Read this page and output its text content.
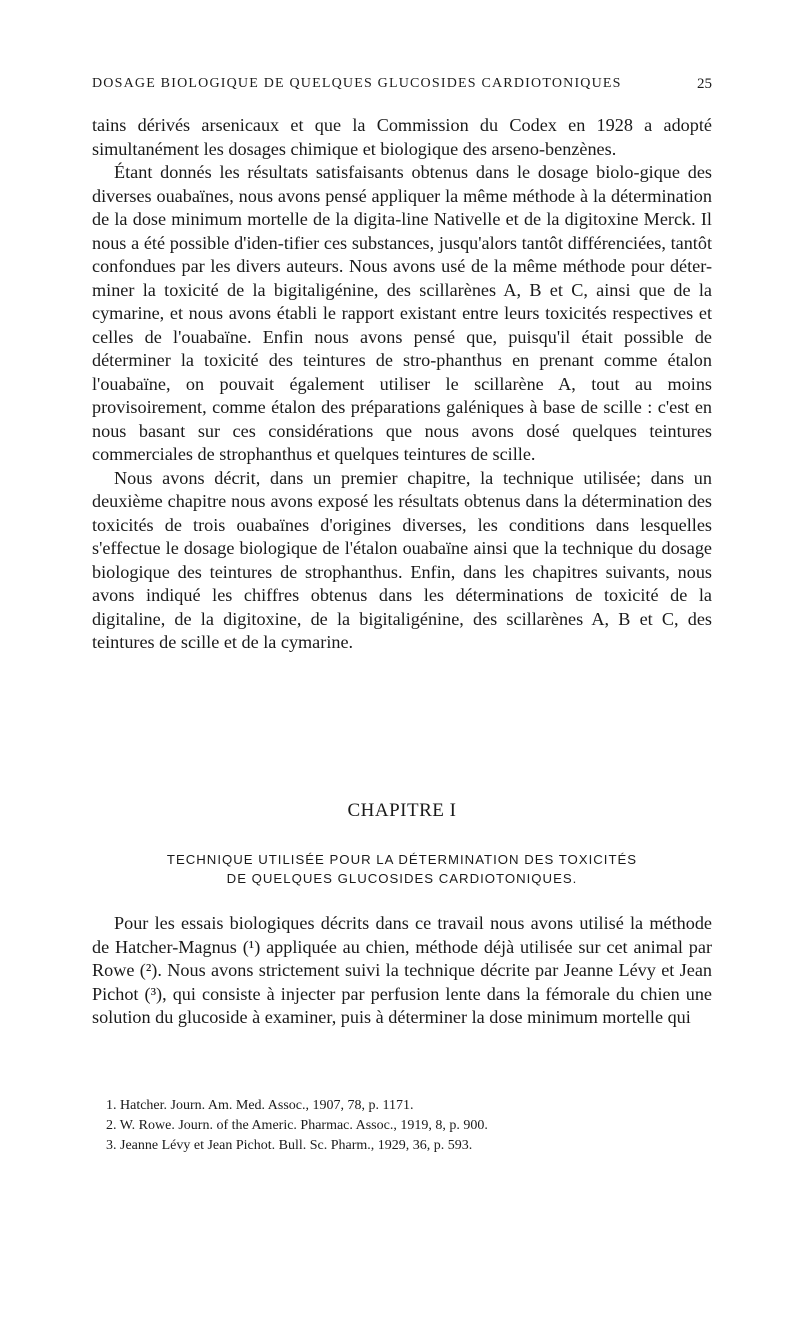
DOSAGE BIOLOGIQUE DE QUELQUES GLUCOSIDES CARDIOTONIQUES	25

tains dérivés arsenicaux et que la Commission du Codex en 1928 a adopté simultanément les dosages chimique et biologique des arseno-benzènes.

Étant donnés les résultats satisfaisants obtenus dans le dosage biolo-gique des diverses ouabaïnes, nous avons pensé appliquer la même méthode à la détermination de la dose minimum mortelle de la digita-line Nativelle et de la digitoxine Merck. Il nous a été possible d'iden-tifier ces substances, jusqu'alors tantôt différenciées, tantôt confondues par les divers auteurs. Nous avons usé de la même méthode pour déter-miner la toxicité de la bigitaligénine, des scillarènes A, B et C, ainsi que de la cymarine, et nous avons établi le rapport existant entre leurs toxicités respectives et celles de l'ouabaïne. Enfin nous avons pensé que, puisqu'il était possible de déterminer la toxicité des teintures de stro-phanthus en prenant comme étalon l'ouabaïne, on pouvait également utiliser le scillarène A, tout au moins provisoirement, comme étalon des préparations galéniques à base de scille : c'est en nous basant sur ces considérations que nous avons dosé quelques teintures commerciales de strophanthus et quelques teintures de scille.

Nous avons décrit, dans un premier chapitre, la technique utilisée; dans un deuxième chapitre nous avons exposé les résultats obtenus dans la détermination des toxicités de trois ouabaïnes d'origines diverses, les conditions dans lesquelles s'effectue le dosage biologique de l'étalon ouabaïne ainsi que la technique du dosage biologique des teintures de strophanthus. Enfin, dans les chapitres suivants, nous avons indiqué les chiffres obtenus dans les déterminations de toxicité de la digitaline, de la digitoxine, de la bigitaligénine, des scillarènes A, B et C, des teintures de scille et de la cymarine.

CHAPITRE I
TECHNIQUE UTILISÉE POUR LA DÉTERMINATION DES TOXICITÉS
DE QUELQUES GLUCOSIDES CARDIOTONIQUES.

Pour les essais biologiques décrits dans ce travail nous avons utilisé la méthode de Hatcher-Magnus (¹) appliquée au chien, méthode déjà utilisée sur cet animal par Rowe (²). Nous avons strictement suivi la technique décrite par Jeanne Lévy et Jean Pichot (³), qui consiste à injecter par perfusion lente dans la fémorale du chien une solution du glucoside à examiner, puis à déterminer la dose minimum mortelle qui

1. Hatcher. Journ. Am. Med. Assoc., 1907, 78, p. 1171.
2. W. Rowe. Journ. of the Americ. Pharmac. Assoc., 1919, 8, p. 900.
3. Jeanne Lévy et Jean Pichot. Bull. Sc. Pharm., 1929, 36, p. 593.
